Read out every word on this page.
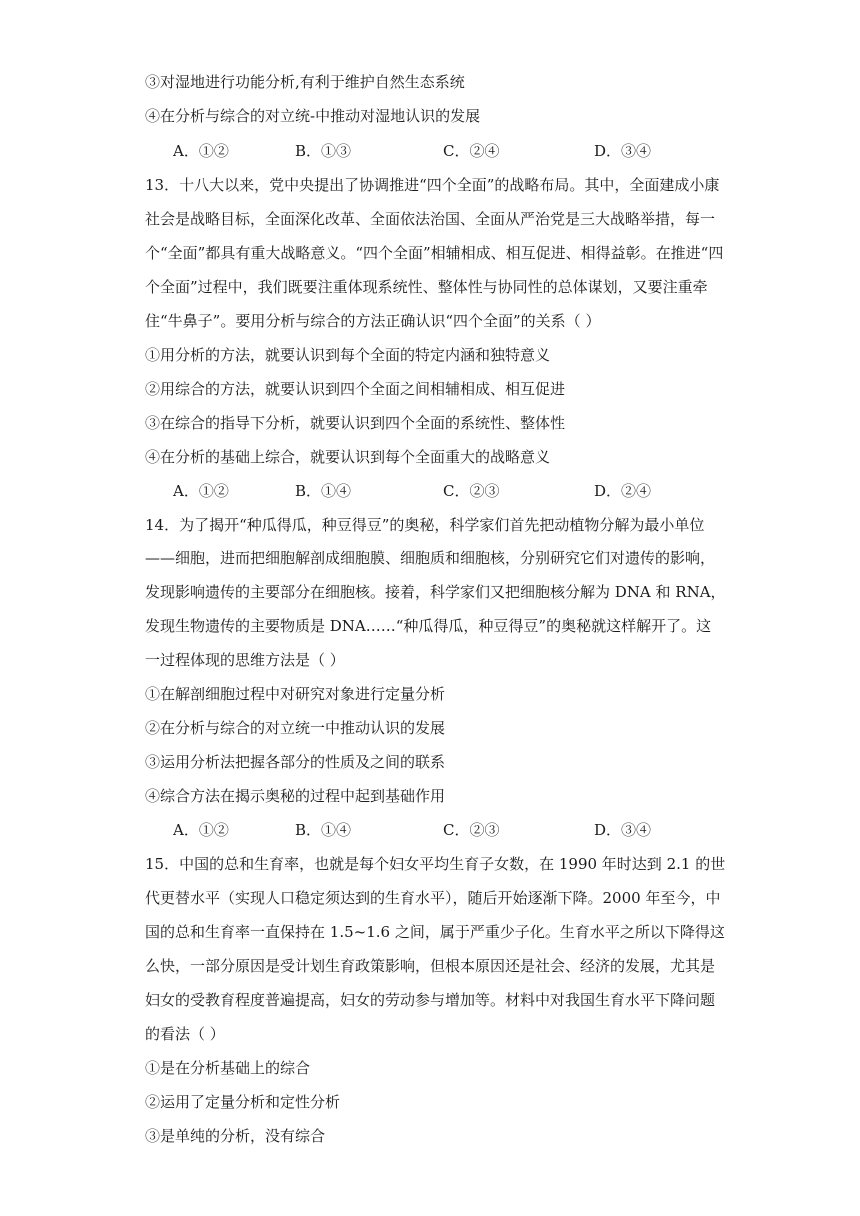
③对湿地进行功能分析,有利于维护自然生态系统
④在分析与综合的对立统-中推动对湿地认识的发展
A．①②	B．①③	C．②④	D．③④
13．十八大以来，党中央提出了协调推进“四个全面”的战略布局。其中，全面建成小康
社会是战略目标，全面深化改革、全面依法治国、全面从严治党是三大战略举措，每一
个“全面”都具有重大战略意义。“四个全面”相辅相成、相互促进、相得益彰。在推进“四
个全面”过程中，我们既要注重体现系统性、整体性与协同性的总体谋划，又要注重牵
住“牛鼻子”。要用分析与综合的方法正确认识“四个全面”的关系（ ）
①用分析的方法，就要认识到每个全面的特定内涵和独特意义
②用综合的方法，就要认识到四个全面之间相辅相成、相互促进
③在综合的指导下分析，就要认识到四个全面的系统性、整体性
④在分析的基础上综合，就要认识到每个全面重大的战略意义
A．①②	B．①④	C．②③	D．②④
14．为了揭开“种瓜得瓜，种豆得豆”的奥秘，科学家们首先把动植物分解为最小单位
——细胞，进而把细胞解剖成细胞膜、细胞质和细胞核，分别研究它们对遗传的影响，
发现影响遗传的主要部分在细胞核。接着，科学家们又把细胞核分解为 DNA 和 RNA，
发现生物遗传的主要物质是 DNA……“种瓜得瓜，种豆得豆”的奥秘就这样解开了。这
一过程体现的思维方法是（ ）
①在解剖细胞过程中对研究对象进行定量分析
②在分析与综合的对立统一中推动认识的发展
③运用分析法把握各部分的性质及之间的联系
④综合方法在揭示奥秘的过程中起到基础作用
A．①②	B．①④	C．②③	D．③④
15．中国的总和生育率，也就是每个妇女平均生育子女数，在 1990 年时达到 2.1 的世
代更替水平（实现人口稳定须达到的生育水平），随后开始逐渐下降。2000 年至今，中
国的总和生育率一直保持在 1.5~1.6 之间，属于严重少子化。生育水平之所以下降得这
么快，一部分原因是受计划生育政策影响，但根本原因还是社会、经济的发展，尤其是
妇女的受教育程度普遍提高，妇女的劳动参与增加等。材料中对我国生育水平下降问题
的看法（ ）
①是在分析基础上的综合
②运用了定量分析和定性分析
③是单纯的分析，没有综合
